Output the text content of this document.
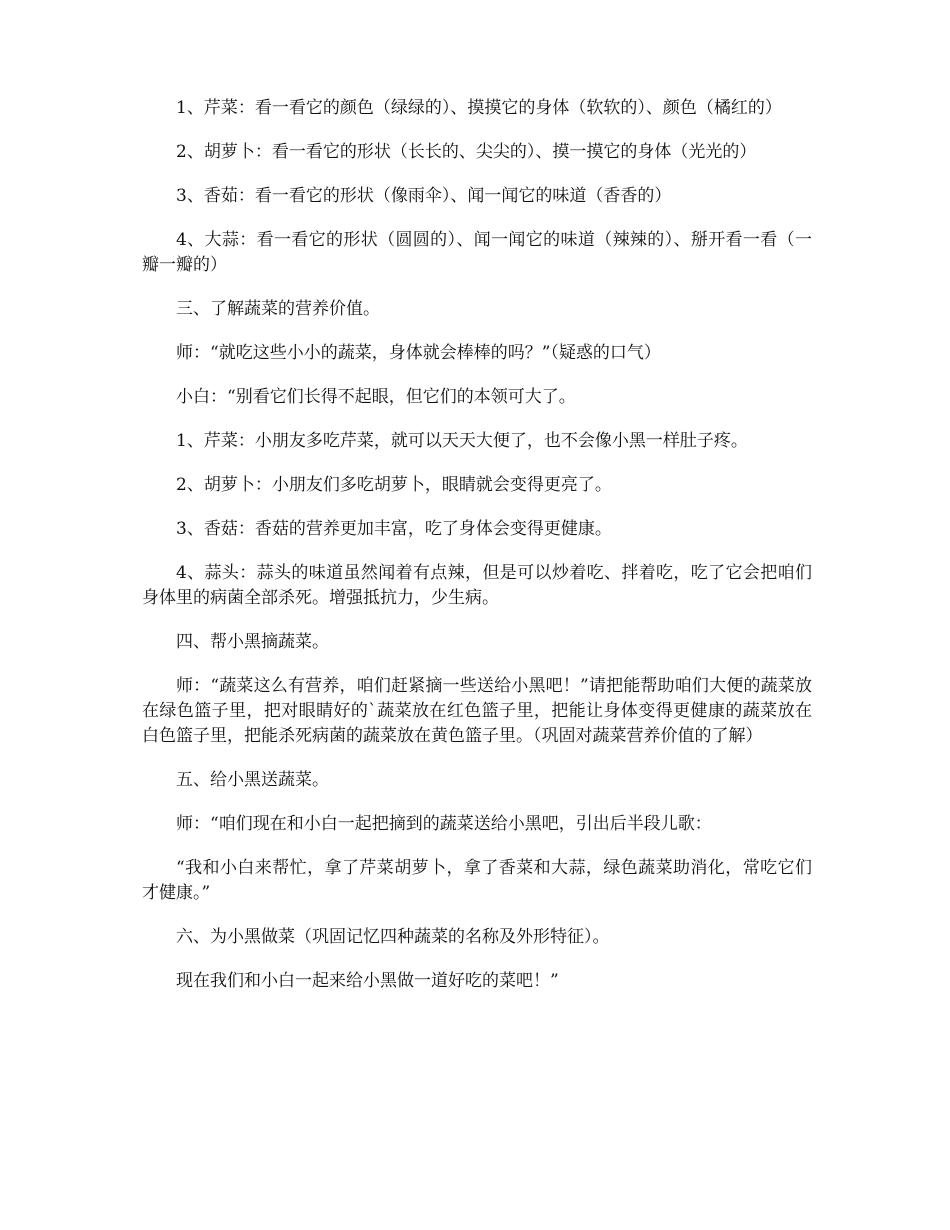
1、芹菜：看一看它的颜色（绿绿的）、摸摸它的身体（软软的）、颜色（橘红的）

2、胡萝卜：看一看它的形状（长长的、尖尖的）、摸一摸它的身体（光光的）

3、香茹：看一看它的形状（像雨伞）、闻一闻它的味道（香香的）

4、大蒜：看一看它的形状（圆圆的）、闻一闻它的味道（辣辣的）、掰开看一看（一瓣一瓣的）

三、了解蔬菜的营养价值。

师：“就吃这些小小的蔬菜，身体就会棒棒的吗？”（疑惑的口气）

小白：“别看它们长得不起眼，但它们的本领可大了。

1、芹菜：小朋友多吃芹菜，就可以天天大便了，也不会像小黑一样肚子疼。

2、胡萝卜：小朋友们多吃胡萝卜，眼睛就会变得更亮了。

3、香菇：香菇的营养更加丰富，吃了身体会变得更健康。

4、蒜头：蒜头的味道虽然闻着有点辣，但是可以炒着吃、拌着吃，吃了它会把咱们身体里的病菌全部杀死。增强抵抗力，少生病。

四、帮小黑摘蔬菜。

师：“蔬菜这么有营养，咱们赶紧摘一些送给小黑吧！”请把能帮助咱们大便的蔬菜放在绿色篮子里，把对眼睛好的`蔬菜放在红色篮子里，把能让身体变得更健康的蔬菜放在白色篮子里，把能杀死病菌的蔬菜放在黄色篮子里。（巩固对蔬菜营养价值的了解）

五、给小黑送蔬菜。

师：“咱们现在和小白一起把摘到的蔬菜送给小黑吧，引出后半段儿歌：

“我和小白来帮忙，拿了芹菜胡萝卜，拿了香菜和大蒜，绿色蔬菜助消化，常吃它们才健康。”

六、为小黑做菜（巩固记忆四种蔬菜的名称及外形特征）。

现在我们和小白一起来给小黑做一道好吃的菜吧！”
